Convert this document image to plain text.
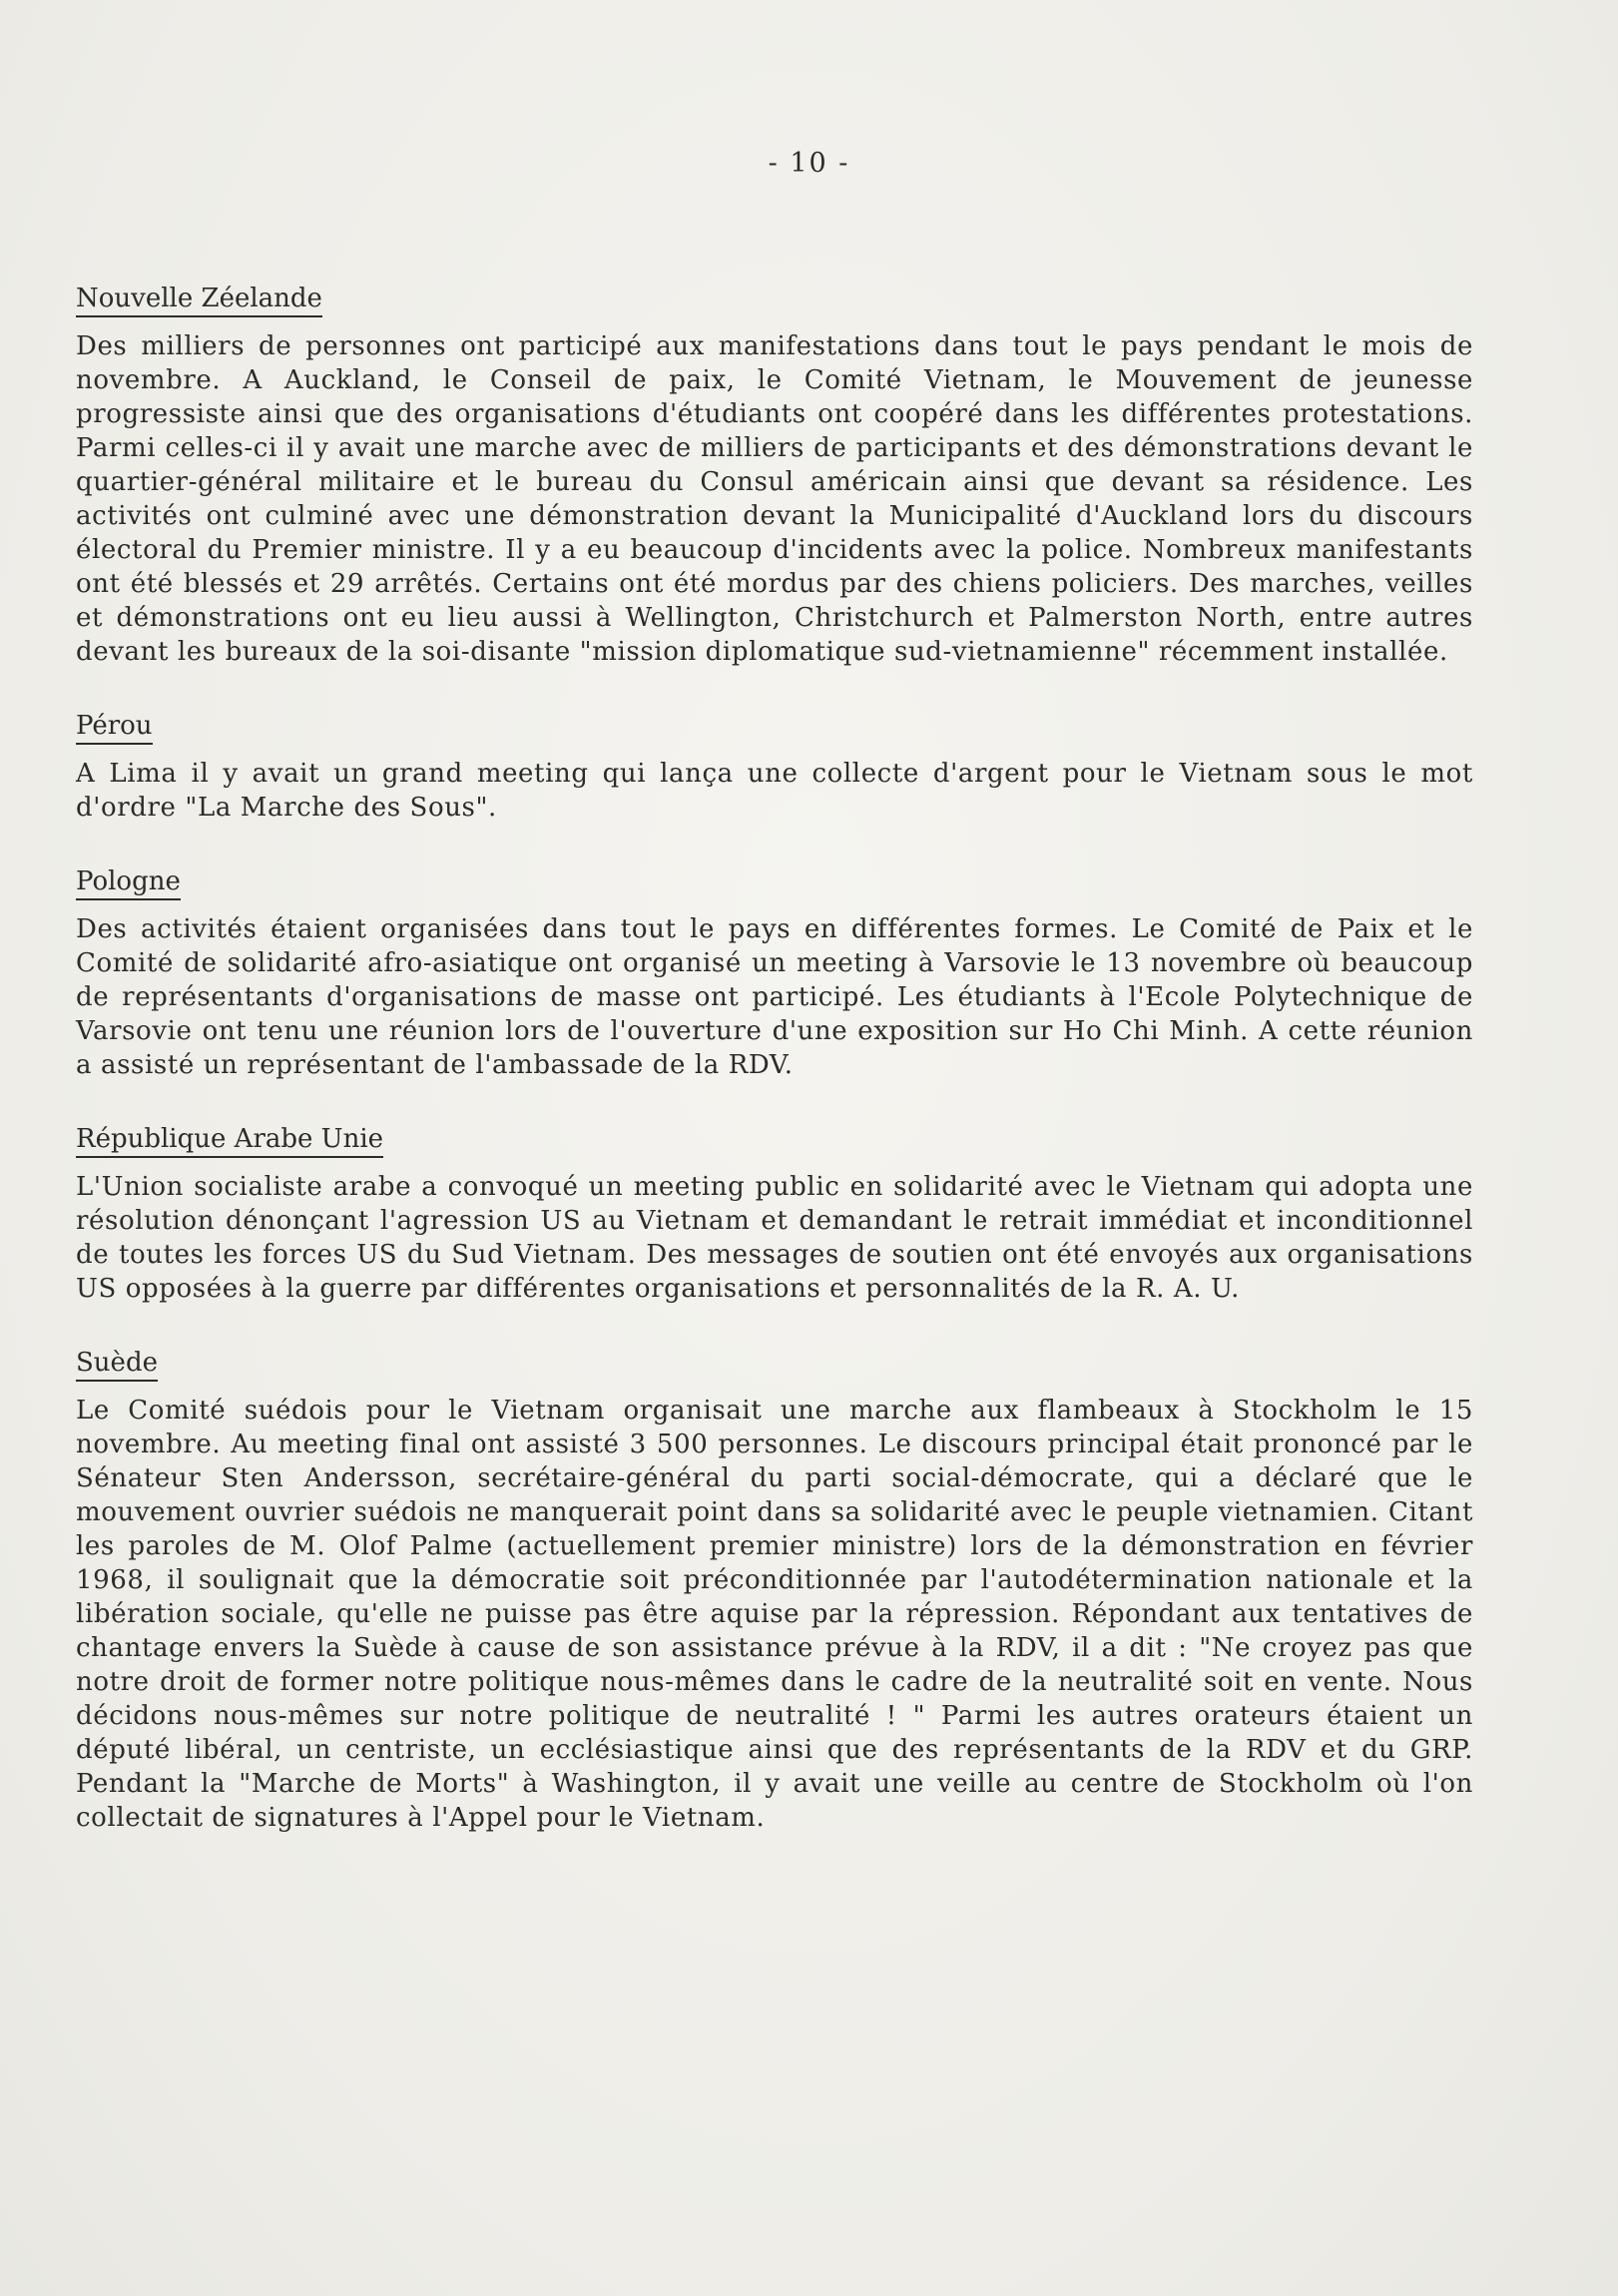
- 10 -
Nouvelle Zéelande

Des milliers de personnes ont participé aux manifestations dans tout le pays pendant le mois de novembre. A Auckland, le Conseil de paix, le Comité Vietnam, le Mouvement de jeunesse progressiste ainsi que des organisations d'étudiants ont coopéré dans les différentes protestations. Parmi celles-ci il y avait une marche avec de milliers de participants et des démonstrations devant le quartier-général militaire et le bureau du Consul américain ainsi que devant sa résidence. Les activités ont culminé avec une démonstration devant la Municipalité d'Auckland lors du discours électoral du Premier ministre. Il y a eu beaucoup d'incidents avec la police. Nombreux manifestants ont été blessés et 29 arrêtés. Certains ont été mordus par des chiens policiers. Des marches, veilles et démonstrations ont eu lieu aussi à Wellington, Christchurch et Palmerston North, entre autres devant les bureaux de la soi-disante "mission diplomatique sud-vietnamienne" récemment installée.

Pérou

A Lima il y avait un grand meeting qui lança une collecte d'argent pour le Vietnam sous le mot d'ordre "La Marche des Sous".

Pologne

Des activités étaient organisées dans tout le pays en différentes formes. Le Comité de Paix et le Comité de solidarité afro-asiatique ont organisé un meeting à Varsovie le 13 novembre où beaucoup de représentants d'organisations de masse ont participé. Les étudiants à l'Ecole Polytechnique de Varsovie ont tenu une réunion lors de l'ouverture d'une exposition sur Ho Chi Minh. A cette réunion a assisté un représentant de l'ambassade de la RDV.

République Arabe Unie

L'Union socialiste arabe a convoqué un meeting public en solidarité avec le Vietnam qui adopta une résolution dénonçant l'agression US au Vietnam et demandant le retrait immédiat et inconditionnel de toutes les forces US du Sud Vietnam. Des messages de soutien ont été envoyés aux organisations US opposées à la guerre par différentes organisations et personnalités de la R. A. U.

Suède

Le Comité suédois pour le Vietnam organisait une marche aux flambeaux à Stockholm le 15 novembre. Au meeting final ont assisté 3 500 personnes. Le discours principal était prononcé par le Sénateur Sten Andersson, secrétaire-général du parti social-démocrate, qui a déclaré que le mouvement ouvrier suédois ne manquerait point dans sa solidarité avec le peuple vietnamien. Citant les paroles de M. Olof Palme (actuellement premier ministre) lors de la démonstration en février 1968, il soulignait que la démocratie soit préconditionnée par l'autodétermination nationale et la libération sociale, qu'elle ne puisse pas être aquise par la répression. Répondant aux tentatives de chantage envers la Suède à cause de son assistance prévue à la RDV, il a dit : "Ne croyez pas que notre droit de former notre politique nous-mêmes dans le cadre de la neutralité soit en vente. Nous décidons nous-mêmes sur notre politique de neutralité ! " Parmi les autres orateurs étaient un député libéral, un centriste, un ecclésiastique ainsi que des représentants de la RDV et du GRP. Pendant la "Marche de Morts" à Washington, il y avait une veille au centre de Stockholm où l'on collectait de signatures à l'Appel pour le Vietnam.
